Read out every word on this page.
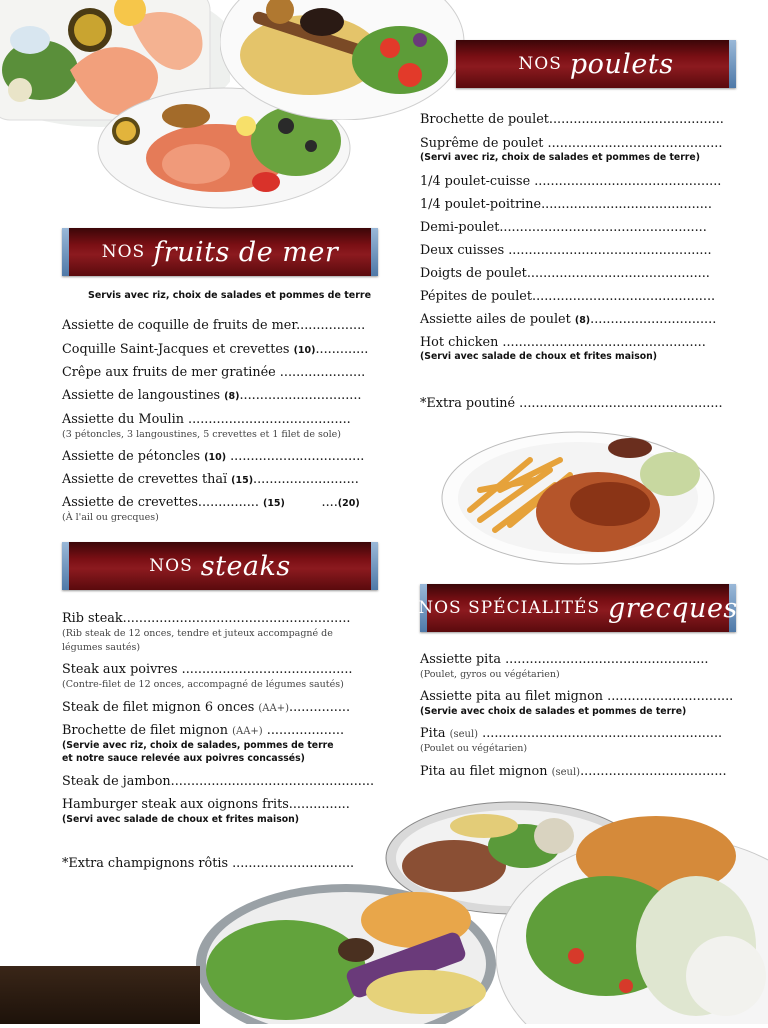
NOS poulets
Brochette de poulet...........................................
Suprême de poulet ...........................................
(Servi avec riz, choix de salades et pommes de terre)
1/4 poulet-cuisse ..............................................
1/4 poulet-poitrine..........................................
Demi-poulet...................................................
Deux cuisses ..................................................
Doigts de poulet.............................................
Pépites de poulet.............................................
Assiette ailes de poulet (8)...............................
Hot chicken ..................................................
(Servi avec salade de choux et frites maison)
*Extra poutiné ..................................................
NOS fruits de mer
Servis avec riz, choix de salades et pommes de terre
Assiette de coquille de fruits de mer.................
Coquille Saint-Jacques et crevettes (10).............
Crêpe aux fruits de mer gratinée .....................
Assiette de langoustines (8)..............................
Assiette du Moulin ........................................
(3 pétoncles, 3 langoustines, 5 crevettes et 1 filet de sole)
Assiette de pétoncles (10) .................................
Assiette de crevettes thaï (15)..........................
Assiette de crevettes............... (15)         ....(20)
(À l'ail ou grecques)
NOS steaks
Rib steak........................................................
(Rib steak de 12 onces, tendre et juteux accompagné de
légumes sautés)
Steak aux poivres ..........................................
(Contre-filet de 12 onces, accompagné de légumes sautés)
Steak de filet mignon 6 onces (AA+)...............
Brochette de filet mignon (AA+) ...................
(Servie avec riz, choix de salades, pommes de terre
et notre sauce relevée aux poivres concassés)
Steak de jambon..................................................
Hamburger steak aux oignons frits...............
(Servi avec salade de choux et frites maison)
*Extra champignons rôtis ..............................
NOS SPÉCIALITÉS grecques
Assiette pita ..................................................
(Poulet, gyros ou végétarien)
Assiette pita au filet mignon ...............................
(Servie avec choix de salades et pommes de terre)
Pita (seul) ...........................................................
(Poulet ou végétarien)
Pita au filet mignon (seul)....................................
